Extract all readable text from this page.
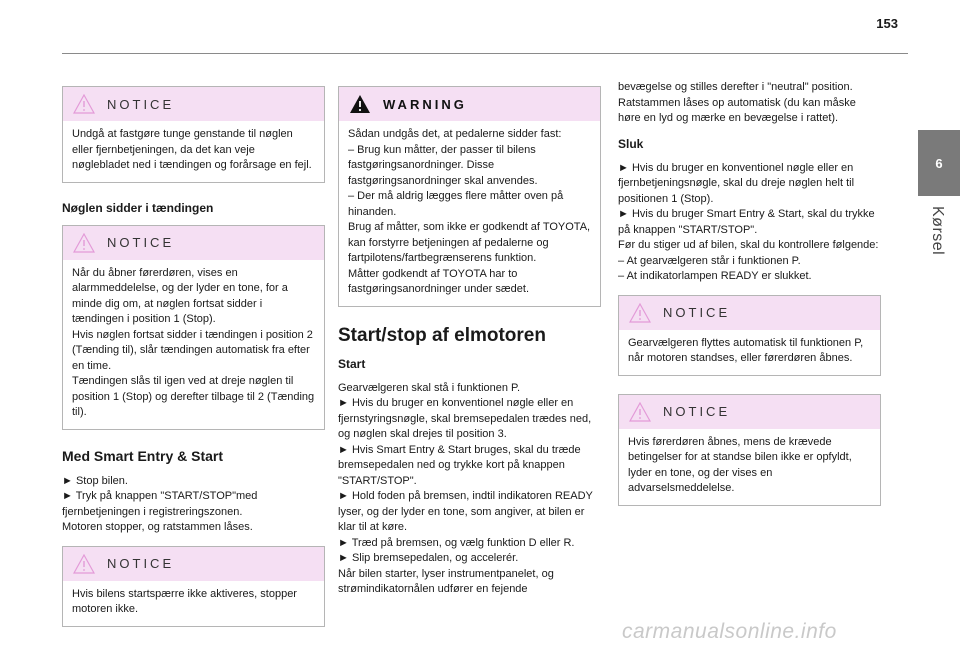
153
6
Kørsel
NOTICE
Undgå at fastgøre tunge genstande til nøglen eller fjernbetjeningen, da det kan veje nøglebladet ned i tændingen og forårsage en fejl.
Nøglen sidder i tændingen
NOTICE
Når du åbner førerdøren, vises en alarmmeddelelse, og der lyder en tone, for a minde dig om, at nøglen fortsat sidder i tændingen i position 1 (Stop).
Hvis nøglen fortsat sidder i tændingen i position 2 (Tænding til), slår tændingen automatisk fra efter en time.
Tændingen slås til igen ved at dreje nøglen til position 1 (Stop) og derefter tilbage til 2 (Tænding til).
Med Smart Entry & Start
► Stop bilen.
► Tryk på knappen "START/STOP"med fjernbetjeningen i registreringszonen.
Motoren stopper, og ratstammen låses.
NOTICE
Hvis bilens startspærre ikke aktiveres, stopper motoren ikke.
WARNING
Sådan undgås det, at pedalerne sidder fast:
– Brug kun måtter, der passer til bilens fastgøringsanordninger. Disse fastgøringsanordninger skal anvendes.
– Der må aldrig lægges flere måtter oven på hinanden.
Brug af måtter, som ikke er godkendt af TOYOTA, kan forstyrre betjeningen af pedalerne og fartpilotens/fartbegrænserens funktion.
Måtter godkendt af TOYOTA har to fastgøringsanordninger under sædet.
Start/stop af elmotoren
Start
Gearvælgeren skal stå i funktionen P.
► Hvis du bruger en konventionel nøgle eller en fjernstyringsnøgle, skal bremsepedalen trædes ned, og nøglen skal drejes til position 3.
► Hvis Smart Entry & Start bruges, skal du træde bremsepedalen ned og trykke kort på knappen "START/STOP".
► Hold foden på bremsen, indtil indikatoren READY lyser, og der lyder en tone, som angiver, at bilen er klar til at køre.
► Træd på bremsen, og vælg funktion D eller R.
► Slip bremsepedalen, og accelerér.
Når bilen starter, lyser instrumentpanelet, og strømindikatornålen udfører en fejende
bevægelse og stilles derefter i "neutral" position. Ratstammen låses op automatisk (du kan måske høre en lyd og mærke en bevægelse i rattet).
Sluk
► Hvis du bruger en konventionel nøgle eller en fjernbetjeningsnøgle, skal du dreje nøglen helt til positionen 1 (Stop).
► Hvis du bruger Smart Entry & Start, skal du trykke på knappen "START/STOP".
Før du stiger ud af bilen, skal du kontrollere følgende:
– At gearvælgeren står i funktionen P.
– At indikatorlampen READY er slukket.
NOTICE
Gearvælgeren flyttes automatisk til funktionen P, når motoren standses, eller førerdøren åbnes.
NOTICE
Hvis førerdøren åbnes, mens de krævede betingelser for at standse bilen ikke er opfyldt, lyder en tone, og der vises en advarselsmeddelelse.
carmanualsonline.info
